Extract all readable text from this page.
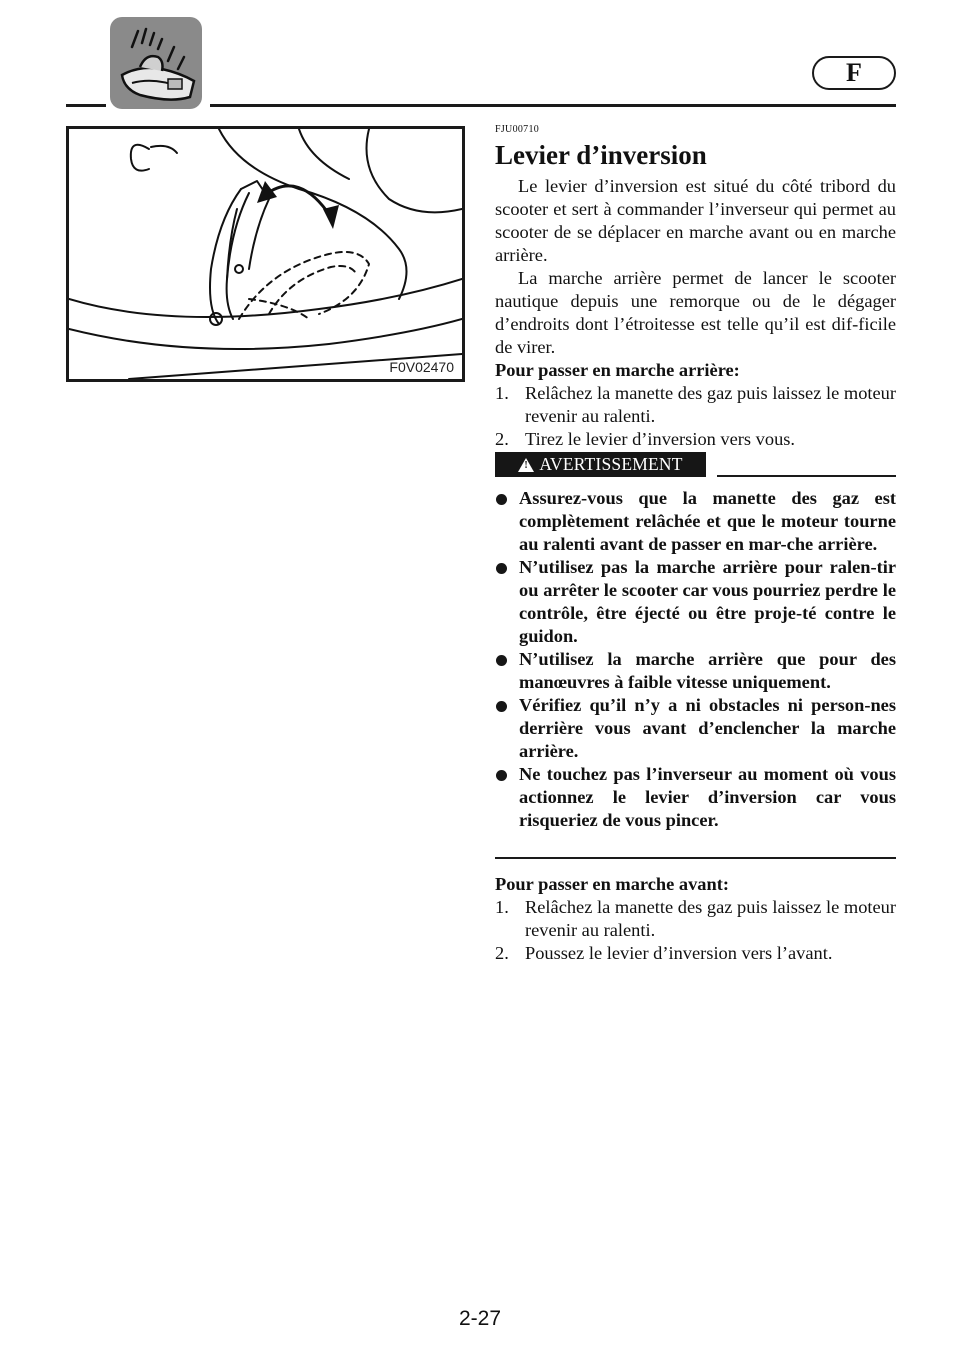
F
F0V02470
FJU00710
Levier d’inversion

Le levier d’inversion est situé du côté tribord du scooter et sert à commander l’inverseur qui permet au scooter de se déplacer en marche avant ou en marche arrière.

La marche arrière permet de lancer le scooter nautique depuis une remorque ou de le dégager d’endroits dont l’étroitesse est telle qu’il est dif-ficile de virer.

Pour passer en marche arrière:

1. Relâchez la manette des gaz puis laissez le moteur revenir au ralenti.

2. Tirez le levier d’inversion vers vous.

! AVERTISSEMENT

Assurez-vous que la manette des gaz est complètement relâchée et que le moteur tourne au ralenti avant de passer en mar-che arrière.

N’utilisez pas la marche arrière pour ralen-tir ou arrêter le scooter car vous pourriez perdre le contrôle, être éjecté ou être proje-té contre le guidon.

N’utilisez la marche arrière que pour des manœuvres à faible vitesse uniquement.

Vérifiez qu’il n’y a ni obstacles ni person-nes derrière vous avant d’enclencher la marche arrière.

Ne touchez pas l’inverseur au moment où vous actionnez le levier d’inversion car vous risqueriez de vous pincer.

Pour passer en marche avant:

1. Relâchez la manette des gaz puis laissez le moteur revenir au ralenti.

2. Poussez le levier d’inversion vers l’avant.

2-27
